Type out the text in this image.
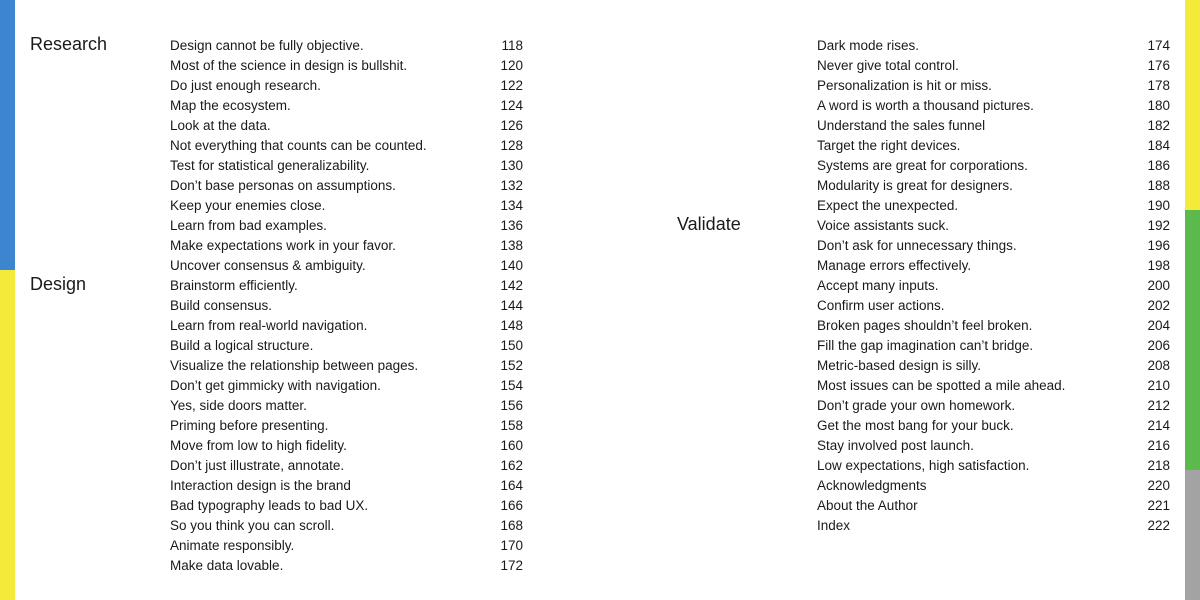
Research
Design
Validate
Design cannot be fully objective.	118
Most of the science in design is bullshit.	120
Do just enough research.	122
Map the ecosystem.	124
Look at the data.	126
Not everything that counts can be counted.	128
Test for statistical generalizability.	130
Don’t base personas on assumptions.	132
Keep your enemies close.	134
Learn from bad examples.	136
Make expectations work in your favor.	138
Uncover consensus & ambiguity.	140
Brainstorm efficiently.	142
Build consensus.	144
Learn from real-world navigation.	148
Build a logical structure.	150
Visualize the relationship between pages.	152
Don’t get gimmicky with navigation.	154
Yes, side doors matter.	156
Priming before presenting.	158
Move from low to high fidelity.	160
Don’t just illustrate, annotate.	162
Interaction design is the brand	164
Bad typography leads to bad UX.	166
So you think you can scroll.	168
Animate responsibly.	170
Make data lovable.	172
Dark mode rises.	174
Never give total control.	176
Personalization is hit or miss.	178
A word is worth a thousand pictures.	180
Understand the sales funnel	182
Target the right devices.	184
Systems are great for corporations.	186
Modularity is great for designers.	188
Expect the unexpected.	190
Voice assistants suck.	192
Don’t ask for unnecessary things.	196
Manage errors effectively.	198
Accept many inputs.	200
Confirm user actions.	202
Broken pages shouldn’t feel broken.	204
Fill the gap imagination can’t bridge.	206
Metric-based design is silly.	208
Most issues can be spotted a mile ahead.	210
Don’t grade your own homework.	212
Get the most bang for your buck.	214
Stay involved post launch.	216
Low expectations, high satisfaction.	218
Acknowledgments	220
About the Author	221
Index	222
